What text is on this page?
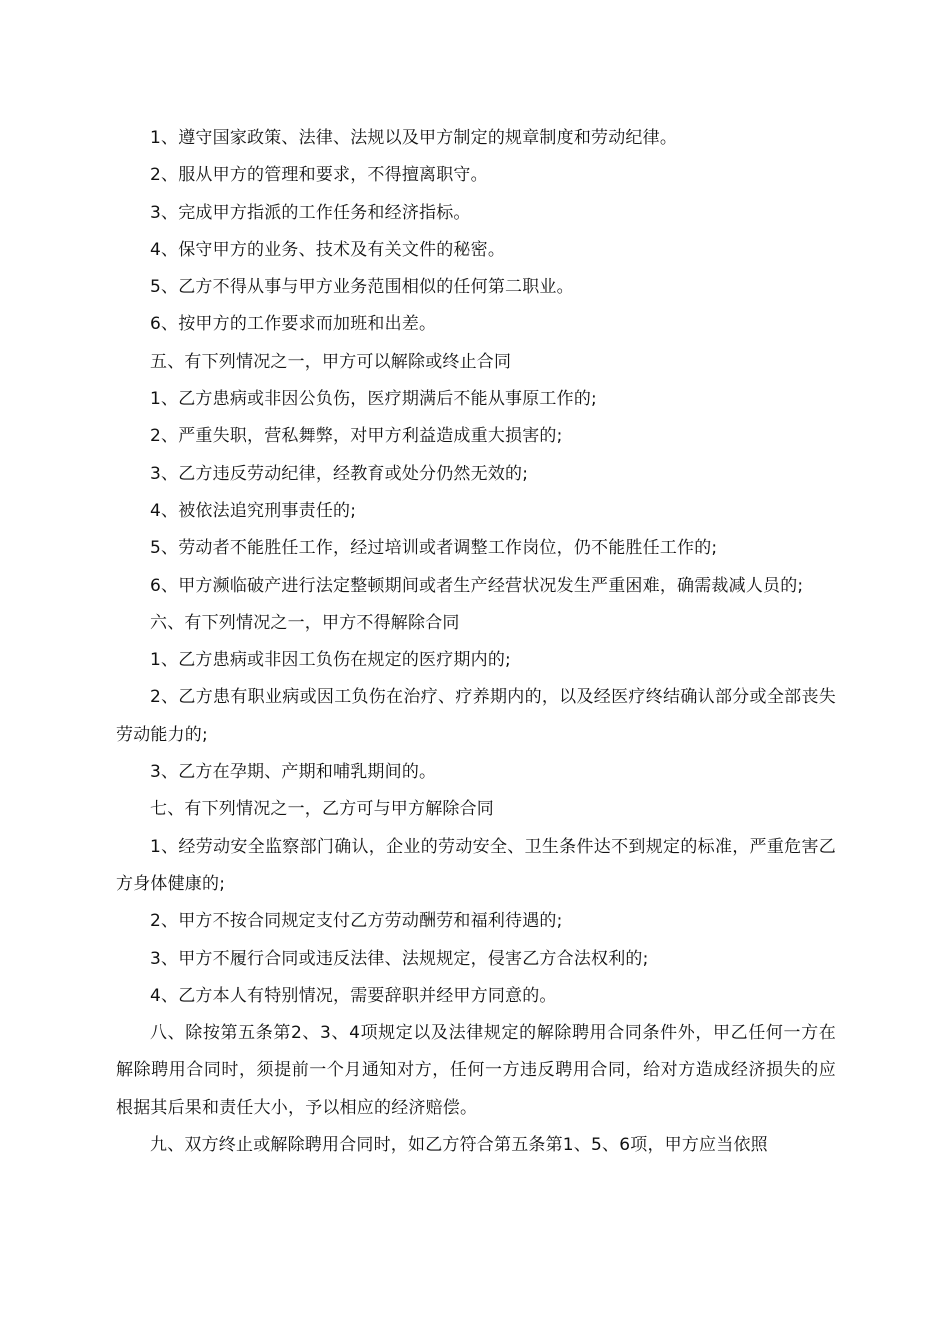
1、遵守国家政策、法律、法规以及甲方制定的规章制度和劳动纪律。

2、服从甲方的管理和要求，不得擅离职守。

3、完成甲方指派的工作任务和经济指标。

4、保守甲方的业务、技术及有关文件的秘密。

5、乙方不得从事与甲方业务范围相似的任何第二职业。

6、按甲方的工作要求而加班和出差。

五、有下列情况之一，甲方可以解除或终止合同

1、乙方患病或非因公负伤，医疗期满后不能从事原工作的;

2、严重失职，营私舞弊，对甲方利益造成重大损害的;

3、乙方违反劳动纪律，经教育或处分仍然无效的;

4、被依法追究刑事责任的;

5、劳动者不能胜任工作，经过培训或者调整工作岗位，仍不能胜任工作的;

6、甲方濒临破产进行法定整顿期间或者生产经营状况发生严重困难，确需裁减人员的;

六、有下列情况之一，甲方不得解除合同

1、乙方患病或非因工负伤在规定的医疗期内的;

2、乙方患有职业病或因工负伤在治疗、疗养期内的，以及经医疗终结确认部分或全部丧失劳动能力的;

3、乙方在孕期、产期和哺乳期间的。

七、有下列情况之一，乙方可与甲方解除合同

1、经劳动安全监察部门确认，企业的劳动安全、卫生条件达不到规定的标准，严重危害乙方身体健康的;

2、甲方不按合同规定支付乙方劳动酬劳和福利待遇的;

3、甲方不履行合同或违反法律、法规规定，侵害乙方合法权利的;

4、乙方本人有特别情况，需要辞职并经甲方同意的。

八、除按第五条第2、3、4项规定以及法律规定的解除聘用合同条件外，甲乙任何一方在解除聘用合同时，须提前一个月通知对方，任何一方违反聘用合同，给对方造成经济损失的应根据其后果和责任大小，予以相应的经济赔偿。

九、双方终止或解除聘用合同时，如乙方符合第五条第1、5、6项，甲方应当依照
